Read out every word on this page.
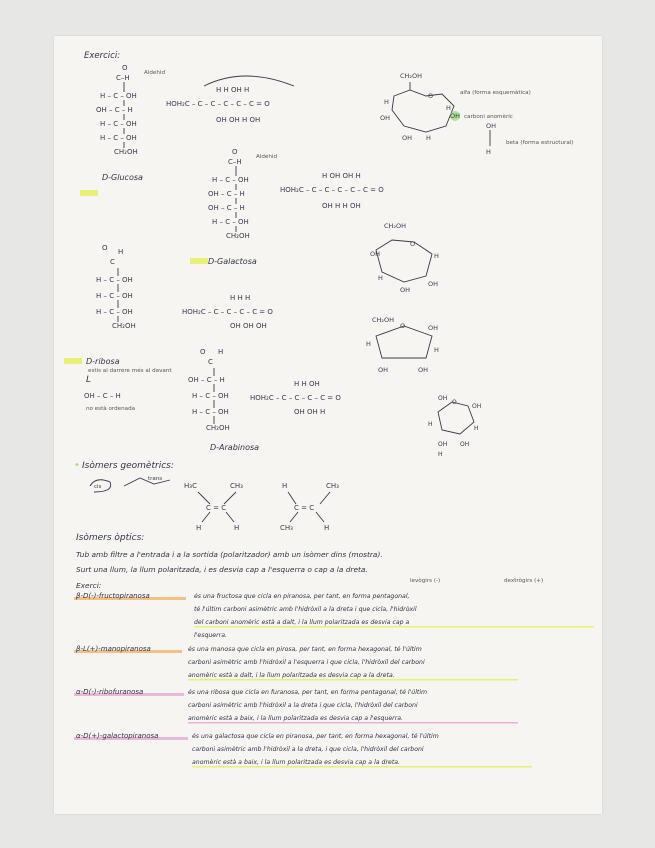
Exercici:
O
C–H
H – C – OH
OH – C – H
H – C – OH
H – C – OH
CH₂OH
Aldehid
D-Glucosa
HOH₂C – C – C – C – C – C = O
OH OH H OH
H H OH H
CH₂OH
O
H
H
OH
OH H
OH
OH
H
alfa (forma esquemàtica)
carboni anomèric
beta (forma estructural)
O
C–H
H – C – OH
OH – C – H
OH – C – H
H – C – OH
CH₂OH
Aldehid
D-Galactosa
HOH₂C – C – C – C – C – C = O
H OH OH H
OH H H OH
CH₂OH
O
OH	H
H
OH
OH
O H
C
H – C – OH
H – C – OH
H – C – OH
CH₂OH
D-ribosa
estis al darrere més al davant
L
OH – C – H
no està ordenada
HOH₂C – C – C – C – C = O
H H H
OH OH OH
CH₂OH
O	OH
H
H
OH	OH
O H
C
OH – C – H
H – C – OH
H – C – OH
CH₂OH
D-Arabinosa
HOH₂C – C – C – C – C = O
H H OH
OH OH H
O
OH
OH
H
H
OH OH
H
• Isòmers geomètrics:
cis
trans
H₃C	CH₃
C = C
H	H
H	CH₃
C = C
CH₃	H
Isòmers òptics:
Tub amb filtre a l'entrada i a la sortida (polaritzador) amb un isòmer dins (mostra).
Surt una llum, la llum polaritzada, i es desvia cap a l'esquerra o cap a la dreta.
levògirs (-)	dextrògirs (+)
Exerci:
β-D(-)-fructopiranosa	és una fructosa que cicla en piranosa, per tant, en forma pentagonal,
té l'últim carboni asimètric amb l'hidròxil a la dreta i que cicla, l'hidròxil
del carboni anomèric està a dalt, i la llum polaritzada es desvia cap a
l'esquerra.
β-L(+)-manopiranosa	és una manosa que cicla en pirosa, per tant, en forma hexagonal, té l'últim
carboni asimètric amb l'hidròxil a l'esquerra i que cicla, l'hidròxil del carboni
anomèric està a dalt, i la llum polaritzada es desvia cap a la dreta.
α-D(-)-ribofuranosa	és una ribosa que cicla en furanosa, per tant, en forma pentagonal, té l'últim
carboni asimètric amb l'hidròxil a la dreta i que cicla, l'hidròxil del carboni
anomèric està a baix, i la llum polaritzada es desvia cap a l'esquerra.
α-D(+)-galactopiranosa	és una galactosa que cicla en piranosa, per tant, en forma hexagonal, té l'últim
carboni asimètric amb l'hidròxil a la dreta, i que cicla, l'hidròxil del carboni
anomèric està a baix, i la llum polaritzada es desvia cap a la dreta.
